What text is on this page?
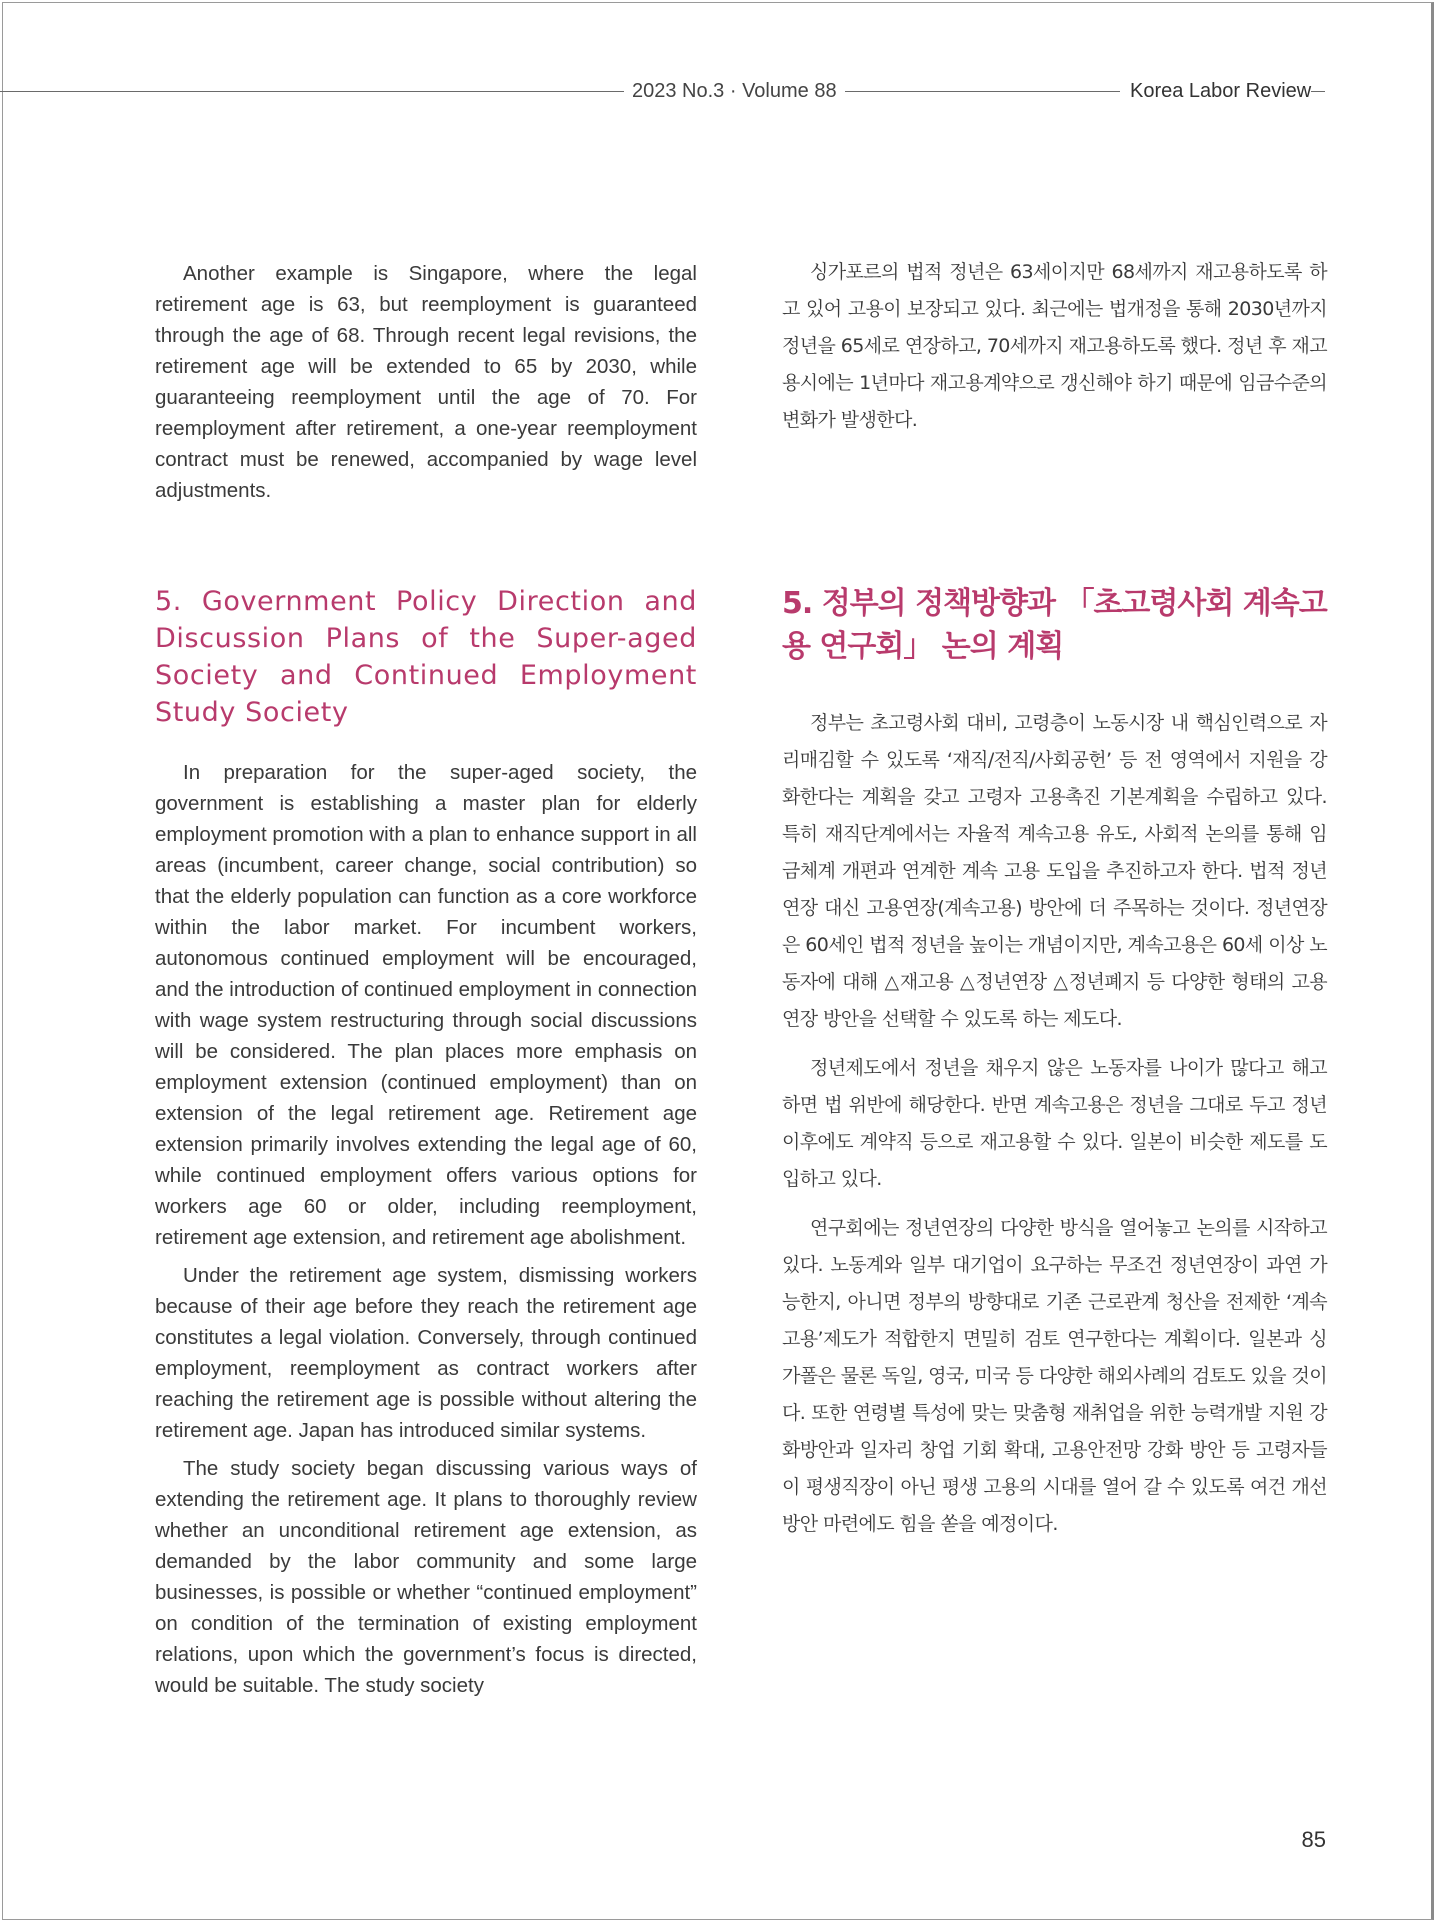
2023 No.3 · Volume 88	Korea Labor Review

Another example is Singapore, where the legal retirement age is 63, but reemployment is guaranteed through the age of 68. Through recent legal revisions, the retirement age will be extended to 65 by 2030, while guaranteeing reemployment until the age of 70. For reemployment after retirement, a one-year reemployment contract must be renewed, accompanied by wage level adjustments.

5. Government Policy Direction and Discussion Plans of the Super-aged Society and Continued Employment Study Society

In preparation for the super-aged society, the government is establishing a master plan for elderly employment promotion with a plan to enhance support in all areas (incumbent, career change, social contribution) so that the elderly population can function as a core workforce within the labor market. For incumbent workers, autonomous continued employment will be encouraged, and the introduction of continued employment in connection with wage system restructuring through social discussions will be considered. The plan places more emphasis on employment extension (continued employment) than on extension of the legal retirement age. Retirement age extension primarily involves extending the legal age of 60, while continued employment offers various options for workers age 60 or older, including reemployment, retirement age extension, and retirement age abolishment.

Under the retirement age system, dismissing workers because of their age before they reach the retirement age constitutes a legal violation. Conversely, through continued employment, reemployment as contract workers after reaching the retirement age is possible without altering the retirement age. Japan has introduced similar systems.

The study society began discussing various ways of extending the retirement age. It plans to thoroughly review whether an unconditional retirement age extension, as demanded by the labor community and some large businesses, is possible or whether “continued employment” on condition of the termination of existing employment relations, upon which the government’s focus is directed, would be suitable. The study society

싱가포르의 법적 정년은 63세이지만 68세까지 재고용하도록 하고 있어 고용이 보장되고 있다. 최근에는 법개정을 통해 2030년까지 정년을 65세로 연장하고, 70세까지 재고용하도록 했다. 정년 후 재고용시에는 1년마다 재고용계약으로 갱신해야 하기 때문에 임금수준의 변화가 발생한다.

5. 정부의 정책방향과 「초고령사회 계속고용 연구회」 논의 계획

정부는 초고령사회 대비, 고령층이 노동시장 내 핵심인력으로 자리매김할 수 있도록 ‘재직/전직/사회공헌’ 등 전 영역에서 지원을 강화한다는 계획을 갖고 고령자 고용촉진 기본계획을 수립하고 있다. 특히 재직단계에서는 자율적 계속고용 유도, 사회적 논의를 통해 임금체계 개편과 연계한 계속 고용 도입을 추진하고자 한다. 법적 정년연장 대신 고용연장(계속고용) 방안에 더 주목하는 것이다. 정년연장은 60세인 법적 정년을 높이는 개념이지만, 계속고용은 60세 이상 노동자에 대해 △재고용 △정년연장 △정년폐지 등 다양한 형태의 고용연장 방안을 선택할 수 있도록 하는 제도다.

정년제도에서 정년을 채우지 않은 노동자를 나이가 많다고 해고하면 법 위반에 해당한다. 반면 계속고용은 정년을 그대로 두고 정년 이후에도 계약직 등으로 재고용할 수 있다. 일본이 비슷한 제도를 도입하고 있다.

연구회에는 정년연장의 다양한 방식을 열어놓고 논의를 시작하고 있다. 노동계와 일부 대기업이 요구하는 무조건 정년연장이 과연 가능한지, 아니면 정부의 방향대로 기존 근로관계 청산을 전제한 ‘계속고용’제도가 적합한지 면밀히 검토 연구한다는 계획이다. 일본과 싱가폴은 물론 독일, 영국, 미국 등 다양한 해외사례의 검토도 있을 것이다. 또한 연령별 특성에 맞는 맞춤형 재취업을 위한 능력개발 지원 강화방안과 일자리 창업 기회 확대, 고용안전망 강화 방안 등 고령자들이 평생직장이 아닌 평생 고용의 시대를 열어 갈 수 있도록 여건 개선 방안 마련에도 힘을 쏟을 예정이다.

85
